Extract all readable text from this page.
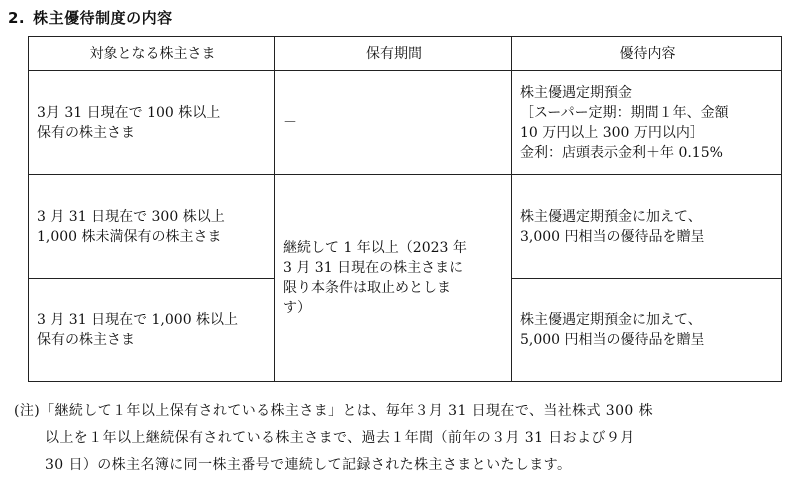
2. 株主優待制度の内容
対象となる株主さま	保有期間	優待内容

3月 31 日現在で 100 株以上
保有の株主さま	－	株主優遇定期預金
［スーパー定期：期間１年、金額
10 万円以上 300 万円以内］
金利：店頭表示金利＋年 0.15%

3 月 31 日現在で 300 株以上
1,000 株未満保有の株主さま	継続して 1 年以上（2023 年
3 月 31 日現在の株主さまに
限り本条件は取止めとしま
す）	株主優遇定期預金に加えて、
3,000 円相当の優待品を贈呈

3 月 31 日現在で 1,000 株以上
保有の株主さま		株主優遇定期預金に加えて、
5,000 円相当の優待品を贈呈
(注)「継続して１年以上保有されている株主さま」とは、毎年３月 31 日現在で、当社株式 300 株
以上を１年以上継続保有されている株主さまで、過去１年間（前年の３月 31 日および９月
30 日）の株主名簿に同一株主番号で連続して記録された株主さまといたします。
